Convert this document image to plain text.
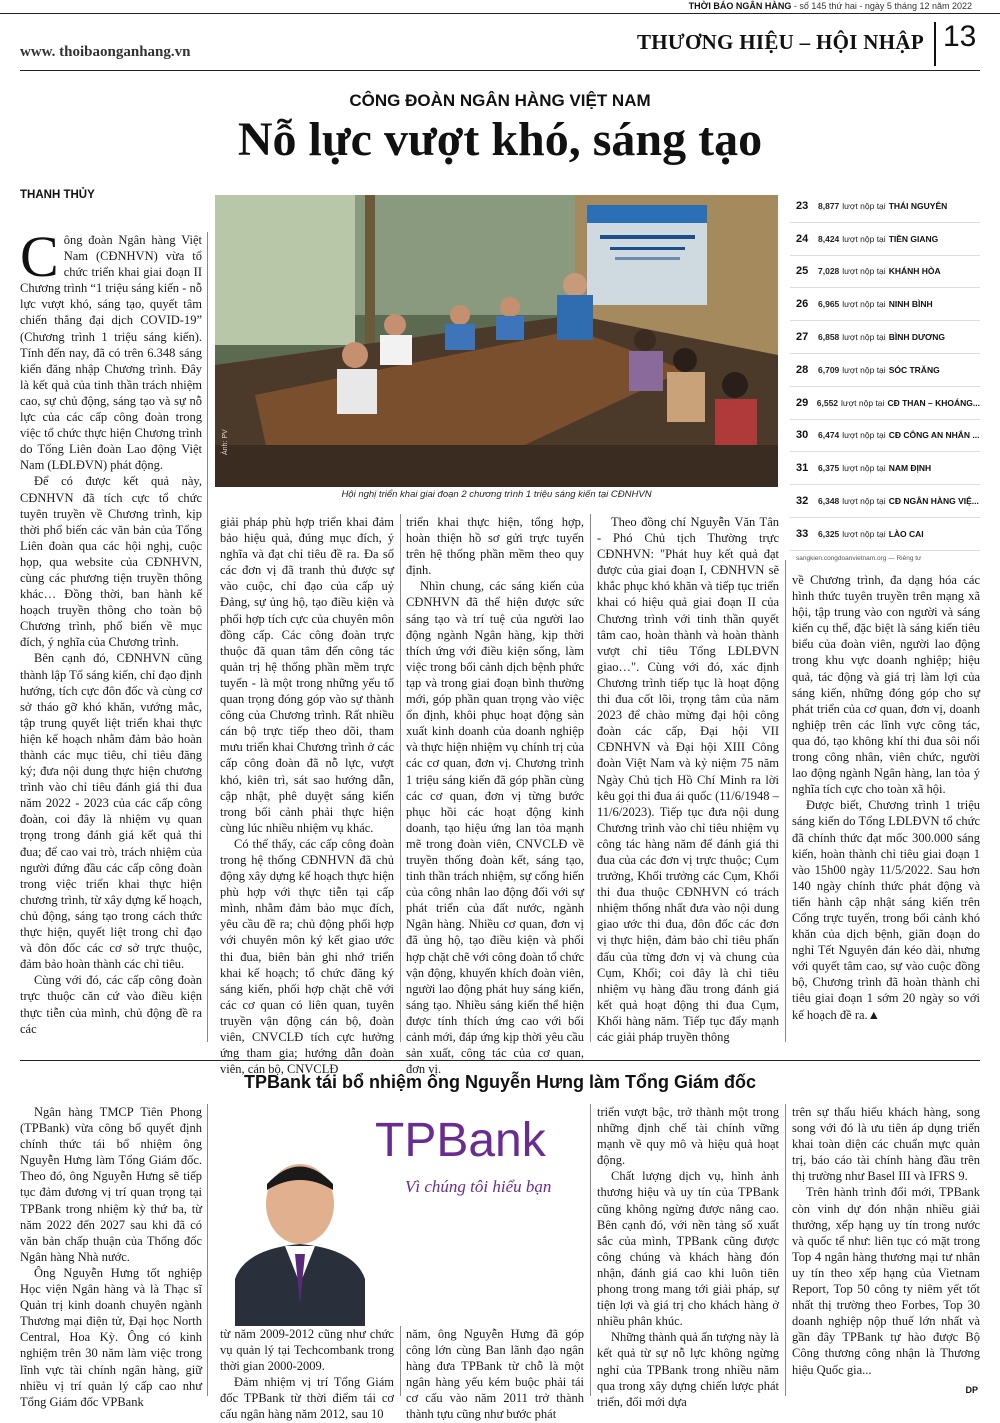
THỜI BÁO NGÂN HÀNG - số 145 thứ hai - ngày 5 tháng 12 năm 2022
www. thoibaonganhang.vn	THƯƠNG HIỆU – HỘI NHẬP 13
CÔNG ĐOÀN NGÂN HÀNG VIỆT NAM
Nỗ lực vượt khó, sáng tạo
THANH THỦY

Công đoàn Ngân hàng Việt Nam (CĐNHVN) vừa tổ chức triển khai giai đoạn II Chương trình “1 triệu sáng kiến - nỗ lực vượt khó, sáng tạo, quyết tâm chiến thắng đại dịch COVID-19” (Chương trình 1 triệu sáng kiến). Tính đến nay, đã có trên 6.348 sáng kiến đăng nhập Chương trình. Đây là kết quả của tinh thần trách nhiệm cao, sự chủ động, sáng tạo và sự nỗ lực của các cấp công đoàn trong việc tổ chức thực hiện Chương trình do Tổng Liên đoàn Lao động Việt Nam (LĐLĐVN) phát động.

Để có được kết quả này, CĐNHVN đã tích cực tổ chức tuyên truyền về Chương trình, kịp thời phổ biến các văn bản của Tổng Liên đoàn qua các hội nghị, cuộc họp, qua website của CĐNHVN, cùng các phương tiện truyền thông khác… Đồng thời, ban hành kế hoạch truyền thông cho toàn bộ Chương trình, phổ biến về mục đích, ý nghĩa của Chương trình.

Bên cạnh đó, CĐNHVN cũng thành lập Tổ sáng kiến, chỉ đạo định hướng, tích cực đôn đốc và cùng cơ sở tháo gỡ khó khăn, vướng mắc, tập trung quyết liệt triển khai thực hiện kế hoạch nhằm đảm bảo hoàn thành các mục tiêu, chỉ tiêu đăng ký; đưa nội dung thực hiện chương trình vào chỉ tiêu đánh giá thi đua năm 2022 - 2023 của các cấp công đoàn, coi đây là nhiệm vụ quan trọng trong đánh giá kết quả thi đua; để cao vai trò, trách nhiệm của người đứng đầu các cấp công đoàn trong việc triển khai thực hiện chương trình, từ xây dựng kế hoạch, chủ động, sáng tạo trong cách thức thực hiện, quyết liệt trong chỉ đạo và đôn đốc các cơ sở trực thuộc, đảm bảo hoàn thành các chỉ tiêu.

Cùng với đó, các cấp công đoàn trực thuộc căn cứ vào điều kiện thực tiễn của mình, chủ động đề ra các

Ảnh: PV
Hội nghị triển khai giai đoạn 2 chương trình 1 triệu sáng kiến tại CĐNHVN
23	8,877 lượt nộp tại THÁI NGUYÊN
24	8,424 lượt nộp tại TIỀN GIANG
25	7,028 lượt nộp tại KHÁNH HÒA
26	6,965 lượt nộp tại NINH BÌNH
27	6,858 lượt nộp tại BÌNH DƯƠNG
28	6,709 lượt nộp tại SÓC TRĂNG
29 6,552 lượt nộp tại CĐ THAN – KHOÁNG...
30	6,474 lượt nộp tại CĐ CÔNG AN NHÂN ...
31	6,375 lượt nộp tại NAM ĐỊNH
32	6,348 lượt nộp tại CĐ NGÂN HÀNG VIỆ...
33	6,325 lượt nộp tại LÀO CAI
sangkien.congdoanvietnam.org — Riêng tư

giải pháp phù hợp triển khai đảm bảo hiệu quả, đúng mục đích, ý nghĩa và đạt chỉ tiêu đề ra. Đa số các đơn vị đã tranh thủ được sự vào cuộc, chỉ đạo của cấp uỷ Đảng, sự ủng hộ, tạo điều kiện và phối hợp tích cực của chuyên môn đồng cấp. Các công đoàn trực thuộc đã quan tâm đến công tác quản trị hệ thống phần mềm trực tuyến - là một trong những yếu tố quan trọng đóng góp vào sự thành công của Chương trình. Rất nhiều cán bộ trực tiếp theo dõi, tham mưu triển khai Chương trình ở các cấp công đoàn đã nỗ lực, vượt khó, kiên trì, sát sao hướng dẫn, cập nhật, phê duyệt sáng kiến trong bối cảnh phải thực hiện cùng lúc nhiều nhiệm vụ khác.

Có thể thấy, các cấp công đoàn trong hệ thống CĐNHVN đã chủ động xây dựng kế hoạch thực hiện phù hợp với thực tiễn tại cấp mình, nhằm đảm bảo mục đích, yêu cầu đề ra; chủ động phối hợp với chuyên môn ký kết giao ước thi đua, biên bản ghi nhớ triển khai kế hoạch; tổ chức đăng ký sáng kiến, phối hợp chặt chẽ với các cơ quan có liên quan, tuyên truyền vận động cán bộ, đoàn viên, CNVCLĐ tích cực hưởng ứng tham gia; hướng dẫn đoàn viên, cán bộ, CNVCLĐ

triển khai thực hiện, tổng hợp, hoàn thiện hồ sơ gửi trực tuyến trên hệ thống phần mềm theo quy định.

Nhìn chung, các sáng kiến của CĐNHVN đã thể hiện được sức sáng tạo và trí tuệ của người lao động ngành Ngân hàng, kịp thời thích ứng với điều kiện sống, làm việc trong bối cảnh dịch bệnh phức tạp và trong giai đoạn bình thường mới, góp phần quan trọng vào việc ổn định, khôi phục hoạt động sản xuất kinh doanh của doanh nghiệp và thực hiện nhiệm vụ chính trị của các cơ quan, đơn vị. Chương trình 1 triệu sáng kiến đã góp phần cùng các cơ quan, đơn vị từng bước phục hồi các hoạt động kinh doanh, tạo hiệu ứng lan tỏa mạnh mẽ trong đoàn viên, CNVCLĐ về truyền thống đoàn kết, sáng tạo, tinh thần trách nhiệm, sự cống hiến của công nhân lao động đối với sự phát triển của đất nước, ngành Ngân hàng. Nhiều cơ quan, đơn vị đã ủng hộ, tạo điều kiện và phối hợp chặt chẽ với công đoàn tổ chức vận động, khuyến khích đoàn viên, người lao động phát huy sáng kiến, sáng tạo. Nhiều sáng kiến thể hiện được tính thích ứng cao với bối cảnh mới, đáp ứng kịp thời yêu cầu sản xuất, công tác của cơ quan, đơn vị.

Theo đồng chí Nguyễn Văn Tân - Phó Chủ tịch Thường trực CĐNHVN: "Phát huy kết quả đạt được của giai đoạn I, CĐNHVN sẽ khắc phục khó khăn và tiếp tục triển khai có hiệu quả giai đoạn II của Chương trình với tinh thần quyết tâm cao, hoàn thành và hoàn thành vượt chỉ tiêu Tổng LĐLĐVN giao…". Cùng với đó, xác định Chương trình tiếp tục là hoạt động thi đua cốt lõi, trọng tâm của năm 2023 để chào mừng đại hội công đoàn các cấp, Đại hội VII CĐNHVN và Đại hội XIII Công đoàn Việt Nam và kỷ niệm 75 năm Ngày Chủ tịch Hồ Chí Minh ra lời kêu gọi thi đua ái quốc (11/6/1948 – 11/6/2023). Tiếp tục đưa nội dung Chương trình vào chỉ tiêu nhiệm vụ công tác hàng năm để đánh giá thi đua của các đơn vị trực thuộc; Cụm trưởng, Khối trưởng các Cụm, Khối thi đua thuộc CĐNHVN có trách nhiệm thống nhất đưa vào nội dung giao ước thi đua, đôn đốc các đơn vị thực hiện, đảm bảo chỉ tiêu phấn đấu của từng đơn vị và chung của Cụm, Khối; coi đây là chỉ tiêu nhiệm vụ hàng đầu trong đánh giá kết quả hoạt động thi đua Cụm, Khối hàng năm. Tiếp tục đẩy mạnh các giải pháp truyền thông

về Chương trình, đa dạng hóa các hình thức tuyên truyền trên mạng xã hội, tập trung vào con người và sáng kiến cụ thể, đặc biệt là sáng kiến tiêu biểu của đoàn viên, người lao động trong khu vực doanh nghiệp; hiệu quả, tác động và giá trị làm lợi của sáng kiến, những đóng góp cho sự phát triển của cơ quan, đơn vị, doanh nghiệp trên các lĩnh vực công tác, qua đó, tạo không khí thi đua sôi nổi trong công nhân, viên chức, người lao động ngành Ngân hàng, lan tỏa ý nghĩa tích cực cho toàn xã hội.

Được biết, Chương trình 1 triệu sáng kiến do Tổng LĐLĐVN tổ chức đã chính thức đạt mốc 300.000 sáng kiến, hoàn thành chỉ tiêu giai đoạn 1 vào 15h00 ngày 11/5/2022. Sau hơn 140 ngày chính thức phát động và tiến hành cập nhật sáng kiến trên Cổng trực tuyến, trong bối cảnh khó khăn của dịch bệnh, giãn đoạn do nghỉ Tết Nguyên đán kéo dài, nhưng với quyết tâm cao, sự vào cuộc đồng bộ, Chương trình đã hoàn thành chỉ tiêu giai đoạn 1 sớm 20 ngày so với kế hoạch đề ra.▲

TPBank tái bổ nhiệm ông Nguyễn Hưng làm Tổng Giám đốc

Ngân hàng TMCP Tiên Phong (TPBank) vừa công bố quyết định chính thức tái bổ nhiệm ông Nguyễn Hưng làm Tổng Giám đốc. Theo đó, ông Nguyễn Hưng sẽ tiếp tục đảm đương vị trí quan trọng tại TPBank trong nhiệm kỳ thứ ba, từ năm 2022 đến 2027 sau khi đã có văn bản chấp thuận của Thống đốc Ngân hàng Nhà nước.

Ông Nguyễn Hưng tốt nghiệp Học viện Ngân hàng và là Thạc sĩ Quản trị kinh doanh chuyên ngành Thương mại điện tử, Đại học North Central, Hoa Kỳ. Ông có kinh nghiệm trên 30 năm làm việc trong lĩnh vực tài chính ngân hàng, giữ nhiều vị trí quản lý cấp cao như Tổng Giám đốc VPBank

TPBank
Vì chúng tôi hiểu bạn

từ năm 2009-2012 cũng như chức vụ quản lý tại Techcombank trong thời gian 2000-2009.

Đảm nhiệm vị trí Tổng Giám đốc TPBank từ thời điểm tái cơ cấu ngân hàng năm 2012, sau 10

năm, ông Nguyễn Hưng đã góp công lớn cùng Ban lãnh đạo ngân hàng đưa TPBank từ chỗ là một ngân hàng yếu kém buộc phải tái cơ cấu vào năm 2011 trở thành thành tựu cũng như bước phát

triển vượt bậc, trở thành một trong những định chế tài chính vững mạnh về quy mô và hiệu quả hoạt động.

Chất lượng dịch vụ, hình ảnh thương hiệu và uy tín của TPBank cũng không ngừng được nâng cao. Bên cạnh đó, với nền tảng số xuất sắc của mình, TPBank cũng được công chúng và khách hàng đón nhận, đánh giá cao khi luôn tiên phong trong mang tới giải pháp, sự tiện lợi và giá trị cho khách hàng ở nhiều phân khúc.

Những thành quả ấn tượng này là kết quả từ sự nỗ lực không ngừng nghỉ của TPBank trong nhiều năm qua trong xây dựng chiến lược phát triển, đổi mới dựa

trên sự thấu hiểu khách hàng, song song với đó là ưu tiên áp dụng triển khai toàn diện các chuẩn mực quản trị, báo cáo tài chính hàng đầu trên thị trường như Basel III và IFRS 9.

Trên hành trình đổi mới, TPBank còn vinh dự đón nhận nhiều giải thưởng, xếp hạng uy tín trong nước và quốc tế như: liên tục có mặt trong Top 4 ngân hàng thương mại tư nhân uy tín theo xếp hạng của Vietnam Report, Top 50 công ty niêm yết tốt nhất thị trường theo Forbes, Top 30 doanh nghiệp nộp thuế lớn nhất và gần đây TPBank tự hào được Bộ Công thương công nhận là Thương hiệu Quốc gia...

DP
